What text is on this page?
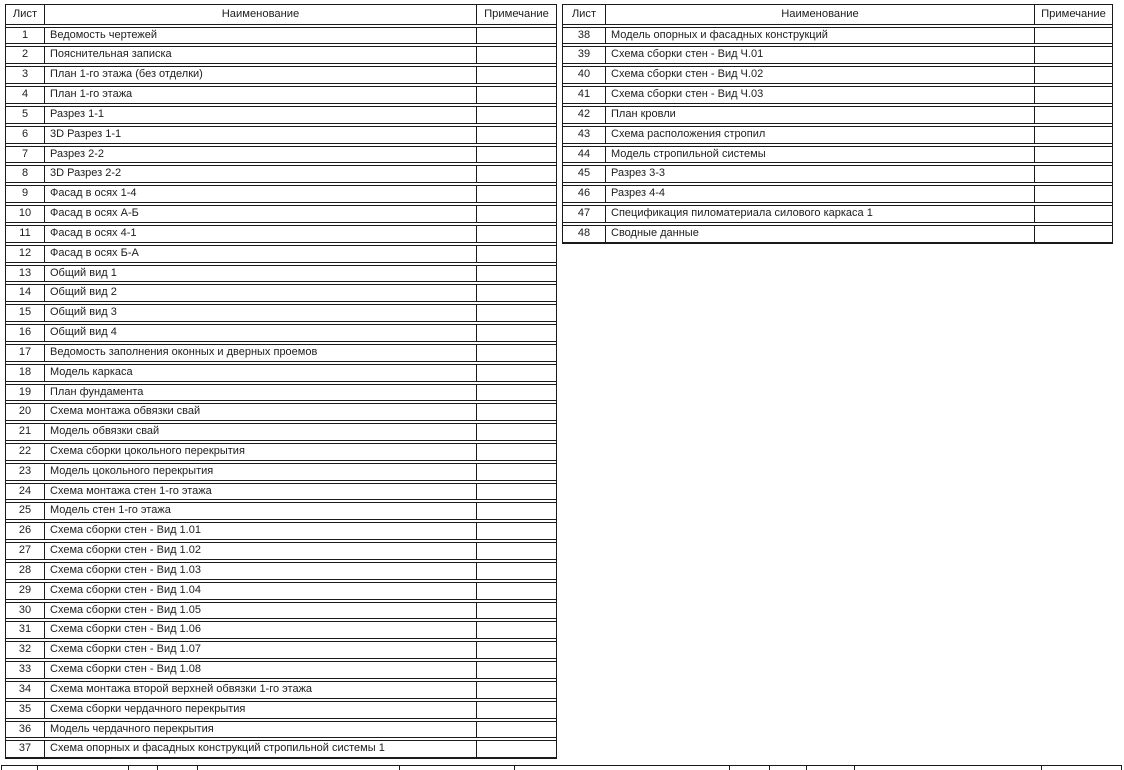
Лист	Наименование	Примечание
1	Ведомость чертежей
2	Пояснительная записка
3	План 1-го этажа (без отделки)
4	План 1-го этажа
5	Разрез 1-1
6	3D Разрез 1-1
7	Разрез 2-2
8	3D Разрез 2-2
9	Фасад в осях 1-4
10	Фасад в осях А-Б
11	Фасад в осях 4-1
12	Фасад в осях Б-А
13	Общий вид 1
14	Общий вид 2
15	Общий вид 3
16	Общий вид 4
17	Ведомость заполнения оконных и дверных проемов
18	Модель каркаса
19	План фундамента
20	Схема монтажа обвязки свай
21	Модель обвязки свай
22	Схема сборки цокольного перекрытия
23	Модель цокольного перекрытия
24	Схема монтажа стен 1-го этажа
25	Модель стен 1-го этажа
26	Схема сборки стен - Вид 1.01
27	Схема сборки стен - Вид 1.02
28	Схема сборки стен - Вид 1.03
29	Схема сборки стен - Вид 1.04
30	Схема сборки стен - Вид 1.05
31	Схема сборки стен - Вид 1.06
32	Схема сборки стен - Вид 1.07
33	Схема сборки стен - Вид 1.08
34	Схема монтажа второй верхней обвязки 1-го этажа
35	Схема сборки чердачного перекрытия
36	Модель чердачного перекрытия
37	Схема опорных и фасадных конструкций стропильной системы 1
Лист	Наименование	Примечание
38	Модель опорных и фасадных конструкций
39	Схема сборки стен - Вид Ч.01
40	Схема сборки стен - Вид Ч.02
41	Схема сборки стен - Вид Ч.03
42	План кровли
43	Схема расположения стропил
44	Модель стропильной системы
45	Разрез 3-3
46	Разрез 4-4
47	Спецификация пиломатериала силового каркаса 1
48	Сводные данные
